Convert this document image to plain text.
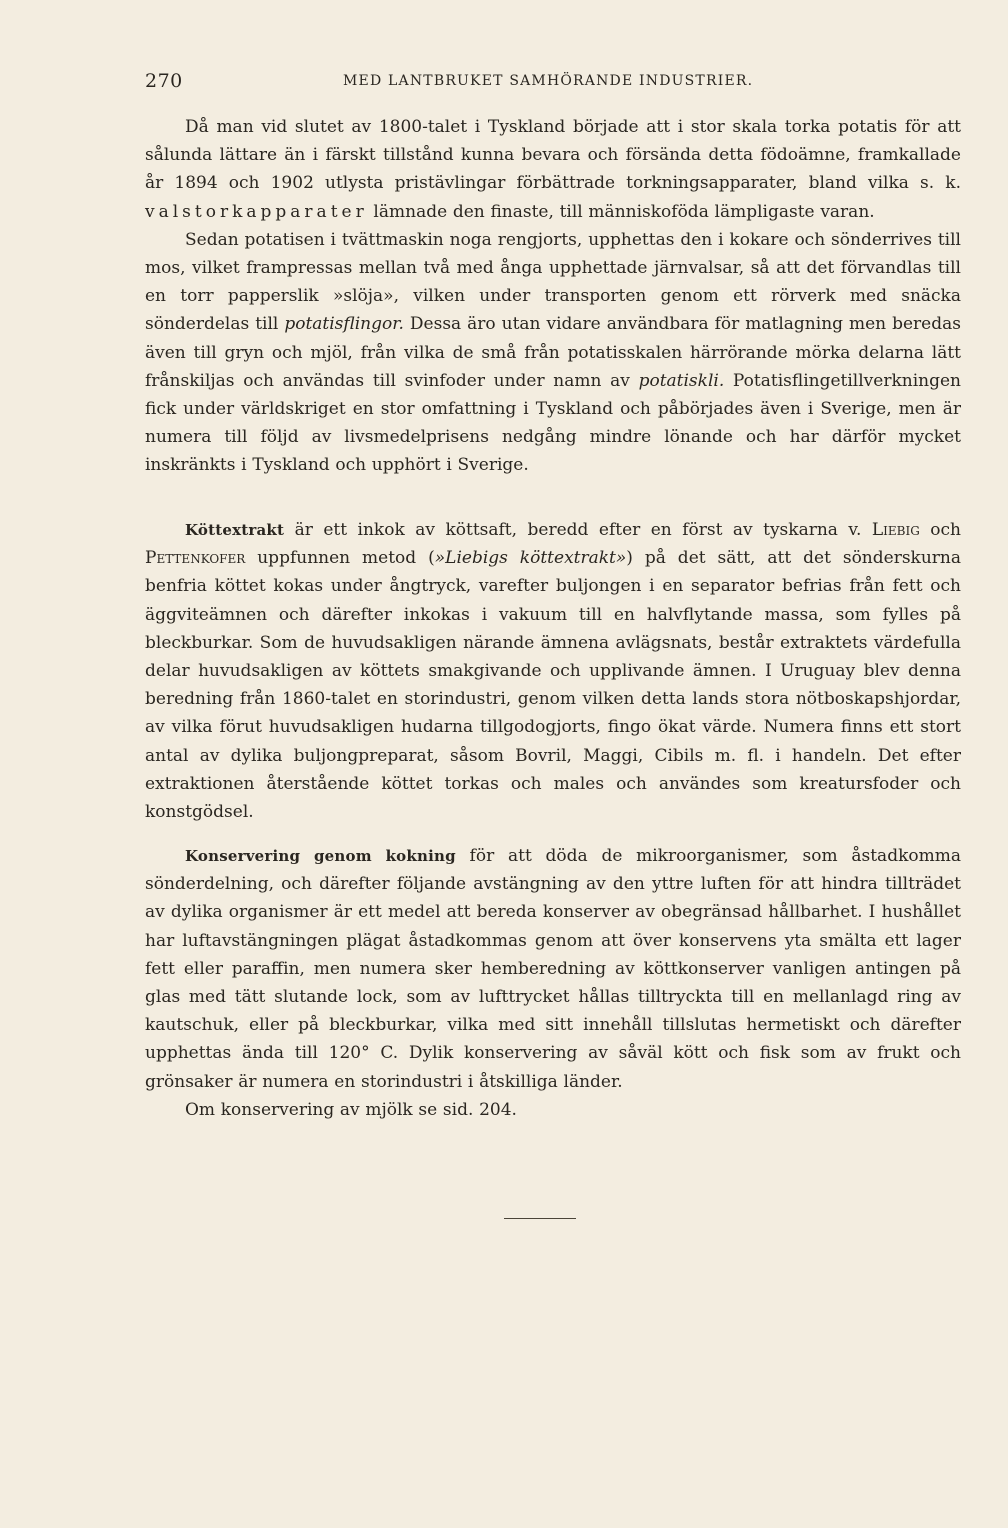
270	MED LANTBRUKET SAMHÖRANDE INDUSTRIER.

Då man vid slutet av 1800-talet i Tyskland började att i stor skala torka potatis för att sålunda lättare än i färskt tillstånd kunna bevara och försända detta födoämne, framkallade år 1894 och 1902 utlysta pristävlingar förbättrade torkningsapparater, bland vilka s. k. valstorkapparater lämnade den finaste, till människoföda lämpligaste varan.

Sedan potatisen i tvättmaskin noga rengjorts, upphettas den i kokare och sönderrives till mos, vilket frampressas mellan två med ånga upphettade järnvalsar, så att det förvandlas till en torr papperslik »slöja», vilken under transporten genom ett rörverk med snäcka sönderdelas till potatisflingor. Dessa äro utan vidare användbara för matlagning men beredas även till gryn och mjöl, från vilka de små från potatisskalen härrörande mörka delarna lätt frånskiljas och användas till svinfoder under namn av potatiskli. Potatisflingetillverkningen fick under världskriget en stor omfattning i Tyskland och påbörjades även i Sverige, men är numera till följd av livsmedelprisens nedgång mindre lönande och har därför mycket inskränkts i Tyskland och upphört i Sverige.

Köttextrakt är ett inkok av köttsaft, beredd efter en först av tyskarna v. Liebig och Pettenkofer uppfunnen metod (»Liebigs köttextrakt») på det sätt, att det sönderskurna benfria köttet kokas under ångtryck, varefter buljongen i en separator befrias från fett och äggviteämnen och därefter inkokas i vakuum till en halvflytande massa, som fylles på bleckburkar. Som de huvudsakligen närande ämnena avlägsnats, består extraktets värdefulla delar huvudsakligen av köttets smakgivande och upplivande ämnen. I Uruguay blev denna beredning från 1860-talet en storindustri, genom vilken detta lands stora nötboskapshjordar, av vilka förut huvudsakligen hudarna tillgodogjorts, fingo ökat värde. Numera finns ett stort antal av dylika buljongpreparat, såsom Bovril, Maggi, Cibils m. fl. i handeln. Det efter extraktionen återstående köttet torkas och males och användes som kreatursfoder och konstgödsel.

Konservering genom kokning för att döda de mikroorganismer, som åstadkomma sönderdelning, och därefter följande avstängning av den yttre luften för att hindra tillträdet av dylika organismer är ett medel att bereda konserver av obegränsad hållbarhet. I hushållet har luftavstängningen plägat åstadkommas genom att över konservens yta smälta ett lager fett eller paraffin, men numera sker hemberedning av köttkonserver vanligen antingen på glas med tätt slutande lock, som av lufttrycket hållas tilltryckta till en mellanlagd ring av kautschuk, eller på bleckburkar, vilka med sitt innehåll tillslutas hermetiskt och därefter upphettas ända till 120° C. Dylik konservering av såväl kött och fisk som av frukt och grönsaker är numera en storindustri i åtskilliga länder.

Om konservering av mjölk se sid. 204.
